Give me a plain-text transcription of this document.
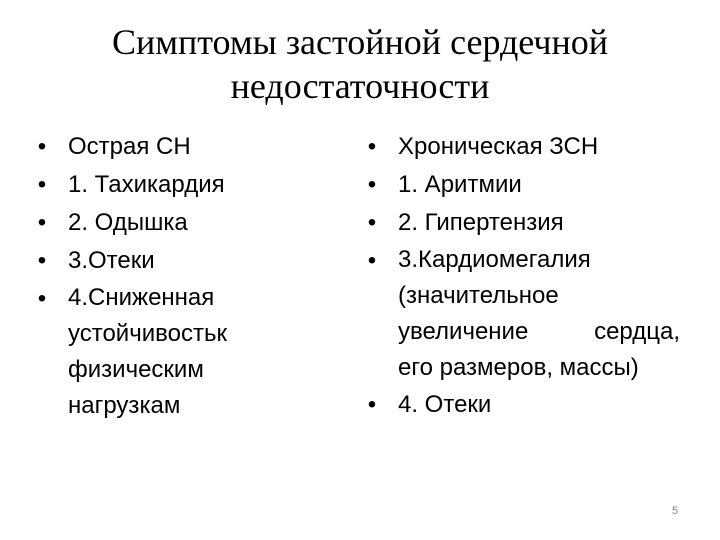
Симптомы застойной сердечной
недостаточности
• Острая СН
• 1. Тахикардия
• 2. Одышка
• 3.Отеки
• 4.Сниженная
устойчивостьк
физическим
нагрузкам
• Хроническая ЗСН
• 1. Аритмии
• 2. Гипертензия
• 3.Кардиомегалия
(значительное
увеличение сердца,
его размеров, массы)
• 4. Отеки
5
